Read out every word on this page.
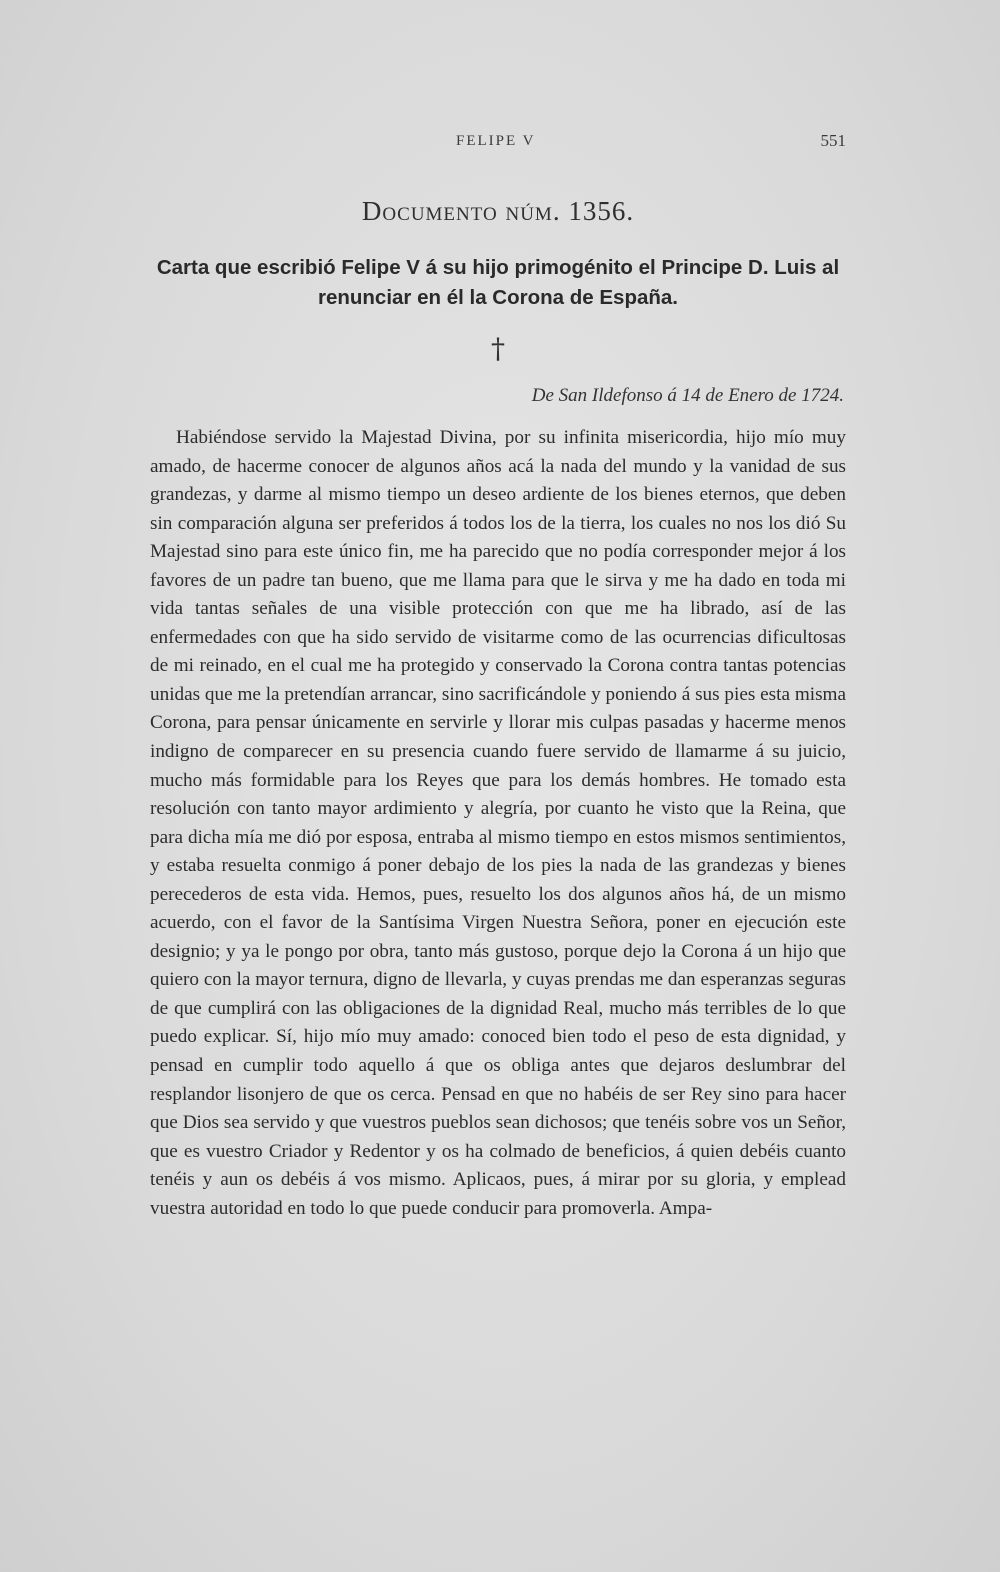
FELIPE V	551
Documento núm. 1356.
Carta que escribió Felipe V á su hijo primogénito el Principe D. Luis al renunciar en él la Corona de España.
†
De San Ildefonso á 14 de Enero de 1724.

Habiéndose servido la Majestad Divina, por su infinita misericordia, hijo mío muy amado, de hacerme conocer de algunos años acá la nada del mundo y la vanidad de sus grandezas, y darme al mismo tiempo un deseo ardiente de los bienes eternos, que deben sin comparación alguna ser preferidos á todos los de la tierra, los cuales no nos los dió Su Majestad sino para este único fin, me ha parecido que no podía corresponder mejor á los favores de un padre tan bueno, que me llama para que le sirva y me ha dado en toda mi vida tantas señales de una visible protección con que me ha librado, así de las enfermedades con que ha sido servido de visitarme como de las ocurrencias dificultosas de mi reinado, en el cual me ha protegido y conservado la Corona contra tantas potencias unidas que me la pretendían arrancar, sino sacrificándole y poniendo á sus pies esta misma Corona, para pensar únicamente en servirle y llorar mis culpas pasadas y hacerme menos indigno de comparecer en su presencia cuando fuere servido de llamarme á su juicio, mucho más formidable para los Reyes que para los demás hombres. He tomado esta resolución con tanto mayor ardimiento y alegría, por cuanto he visto que la Reina, que para dicha mía me dió por esposa, entraba al mismo tiempo en estos mismos sentimientos, y estaba resuelta conmigo á poner debajo de los pies la nada de las grandezas y bienes perecederos de esta vida. Hemos, pues, resuelto los dos algunos años há, de un mismo acuerdo, con el favor de la Santísima Virgen Nuestra Señora, poner en ejecución este designio; y ya le pongo por obra, tanto más gustoso, porque dejo la Corona á un hijo que quiero con la mayor ternura, digno de llevarla, y cuyas prendas me dan esperanzas seguras de que cumplirá con las obligaciones de la dignidad Real, mucho más terribles de lo que puedo explicar. Sí, hijo mío muy amado: conoced bien todo el peso de esta dignidad, y pensad en cumplir todo aquello á que os obliga antes que dejaros deslumbrar del resplandor lisonjero de que os cerca. Pensad en que no habéis de ser Rey sino para hacer que Dios sea servido y que vuestros pueblos sean dichosos; que tenéis sobre vos un Señor, que es vuestro Criador y Redentor y os ha colmado de beneficios, á quien debéis cuanto tenéis y aun os debéis á vos mismo. Aplicaos, pues, á mirar por su gloria, y emplead vuestra autoridad en todo lo que puede conducir para promoverla. Ampa-
